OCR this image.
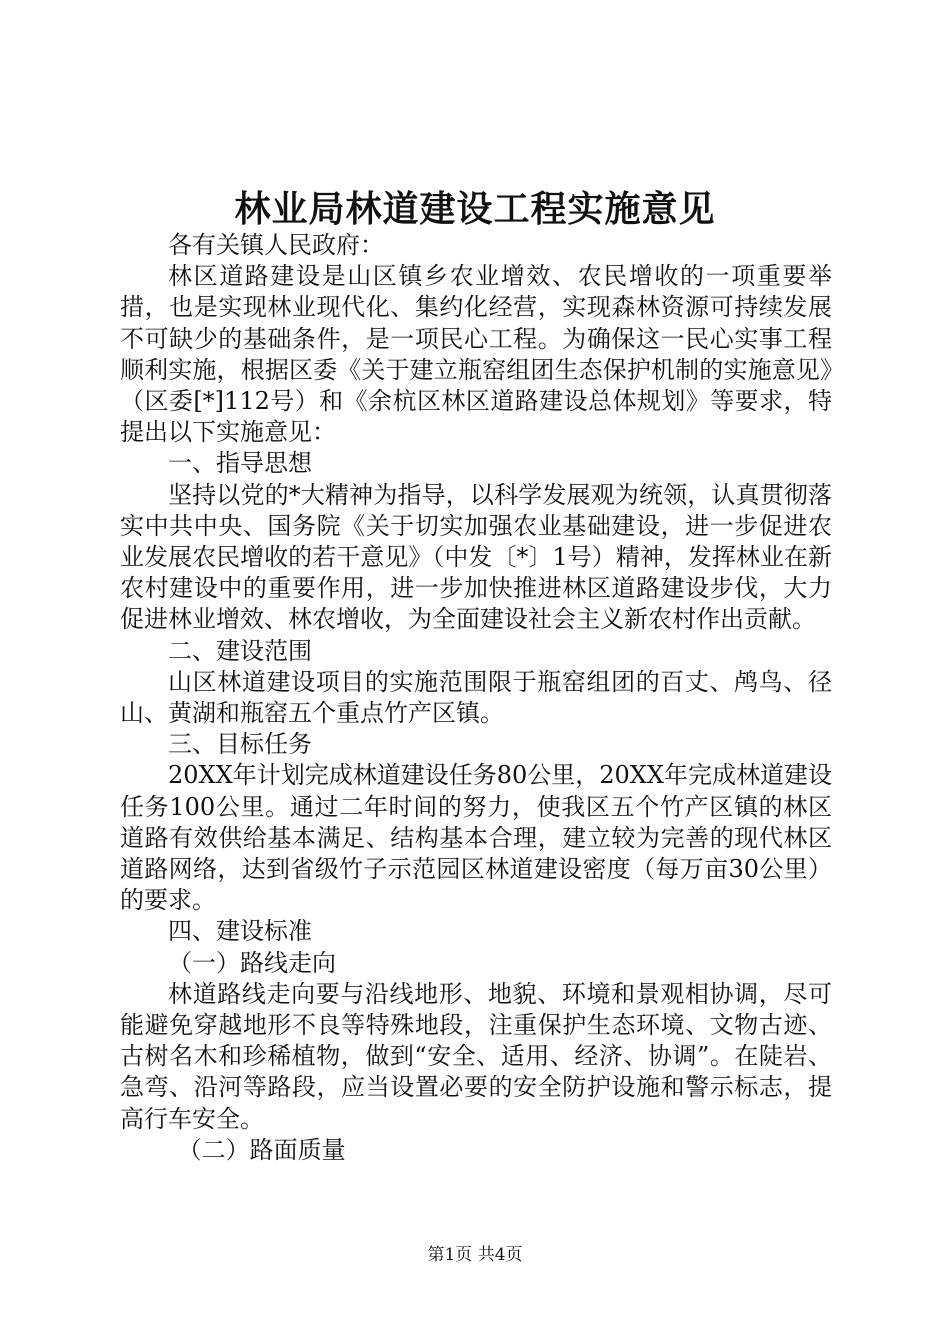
林业局林道建设工程实施意见

各有关镇人民政府：

林区道路建设是山区镇乡农业增效、农民增收的一项重要举措，也是实现林业现代化、集约化经营，实现森林资源可持续发展不可缺少的基础条件，是一项民心工程。为确保这一民心实事工程顺利实施，根据区委《关于建立瓶窑组团生态保护机制的实施意见》（区委[*]112号）和《余杭区林区道路建设总体规划》等要求，特提出以下实施意见：

一、指导思想

坚持以党的*大精神为指导，以科学发展观为统领，认真贯彻落实中共中央、国务院《关于切实加强农业基础建设，进一步促进农业发展农民增收的若干意见》（中发〔*〕1号）精神，发挥林业在新农村建设中的重要作用，进一步加快推进林区道路建设步伐，大力促进林业增效、林农增收，为全面建设社会主义新农村作出贡献。

二、建设范围

山区林道建设项目的实施范围限于瓶窑组团的百丈、鸬鸟、径山、黄湖和瓶窑五个重点竹产区镇。

三、目标任务

20XX年计划完成林道建设任务80公里，20XX年完成林道建设任务100公里。通过二年时间的努力，使我区五个竹产区镇的林区道路有效供给基本满足、结构基本合理，建立较为完善的现代林区道路网络，达到省级竹子示范园区林道建设密度（每万亩30公里）的要求。

四、建设标准

（一）路线走向

林道路线走向要与沿线地形、地貌、环境和景观相协调，尽可能避免穿越地形不良等特殊地段，注重保护生态环境、文物古迹、古树名木和珍稀植物，做到“安全、适用、经济、协调”。在陡岩、急弯、沿河等路段，应当设置必要的安全防护设施和警示标志，提高行车安全。

（二）路面质量

第1页 共4页
